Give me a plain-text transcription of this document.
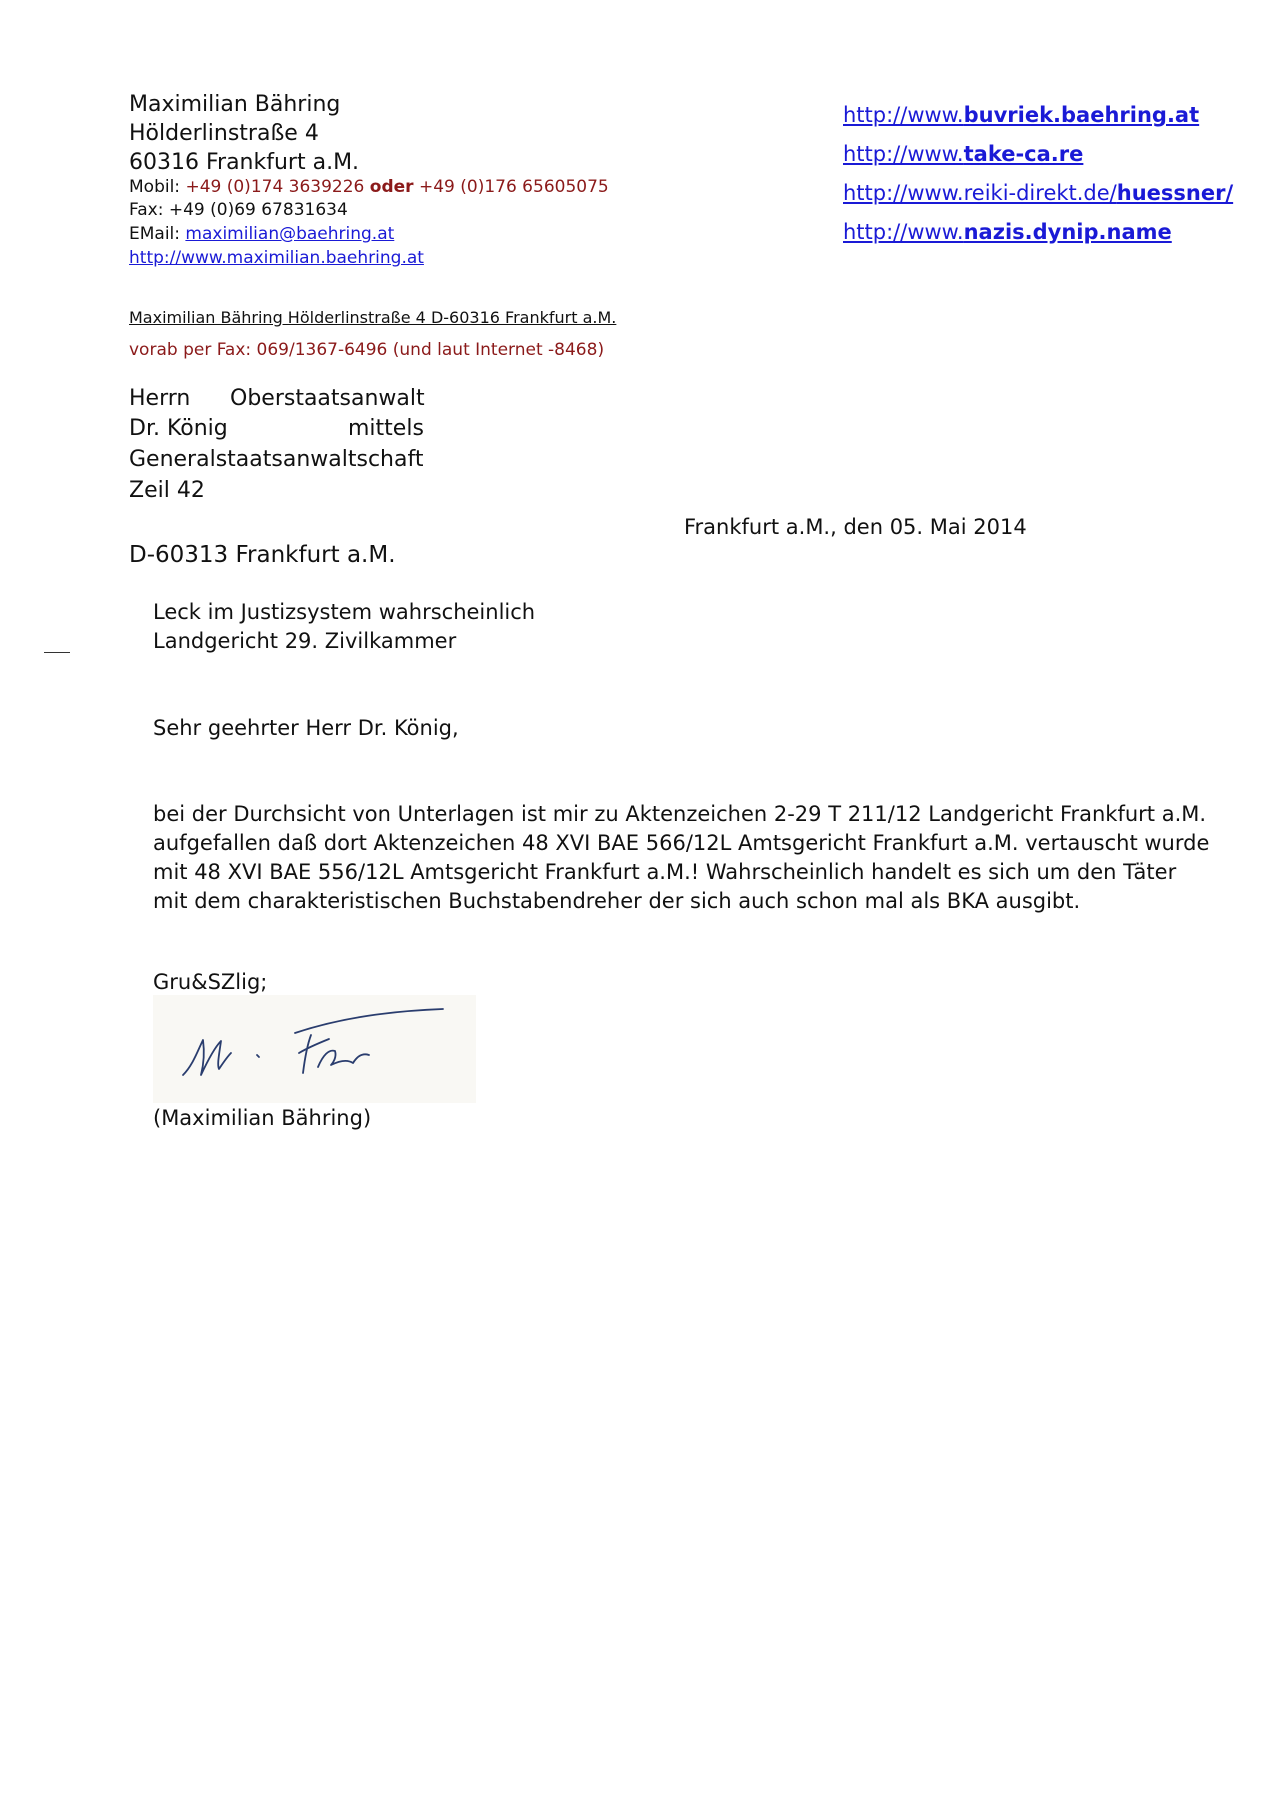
Maximilian Bähring
Hölderlinstraße 4
60316 Frankfurt a.M.
Mobil: +49 (0)174 3639226 oder +49 (0)176 65605075
Fax: +49 (0)69 67831634
EMail: maximilian@baehring.at
http://www.maximilian.baehring.at
http://www.buvriek.baehring.at
http://www.take-ca.re
http://www.reiki-direkt.de/huessner/
http://www.nazis.dynip.name
Maximilian Bähring Hölderlinstraße 4 D-60316 Frankfurt a.M.
vorab per Fax: 069/1367-6496 (und laut Internet -8468)
Herrn Oberstaatsanwalt
Dr. König	mittels
Generalstaatsanwaltschaft
Zeil 42
D-60313 Frankfurt a.M.
Frankfurt a.M., den 05. Mai 2014
Leck im Justizsystem wahrscheinlich
Landgericht 29. Zivilkammer
Sehr geehrter Herr Dr. König,
bei der Durchsicht von Unterlagen ist mir zu Aktenzeichen 2-29 T 211/12 Landgericht Frankfurt a.M.
aufgefallen daß dort Aktenzeichen 48 XVI BAE 566/12L Amtsgericht Frankfurt a.M. vertauscht wurde
mit 48 XVI BAE 556/12L Amtsgericht Frankfurt a.M.! Wahrscheinlich handelt es sich um den Täter
mit dem charakteristischen Buchstabendreher der sich auch schon mal als BKA ausgibt.
Gru&SZlig;
(Maximilian Bähring)
